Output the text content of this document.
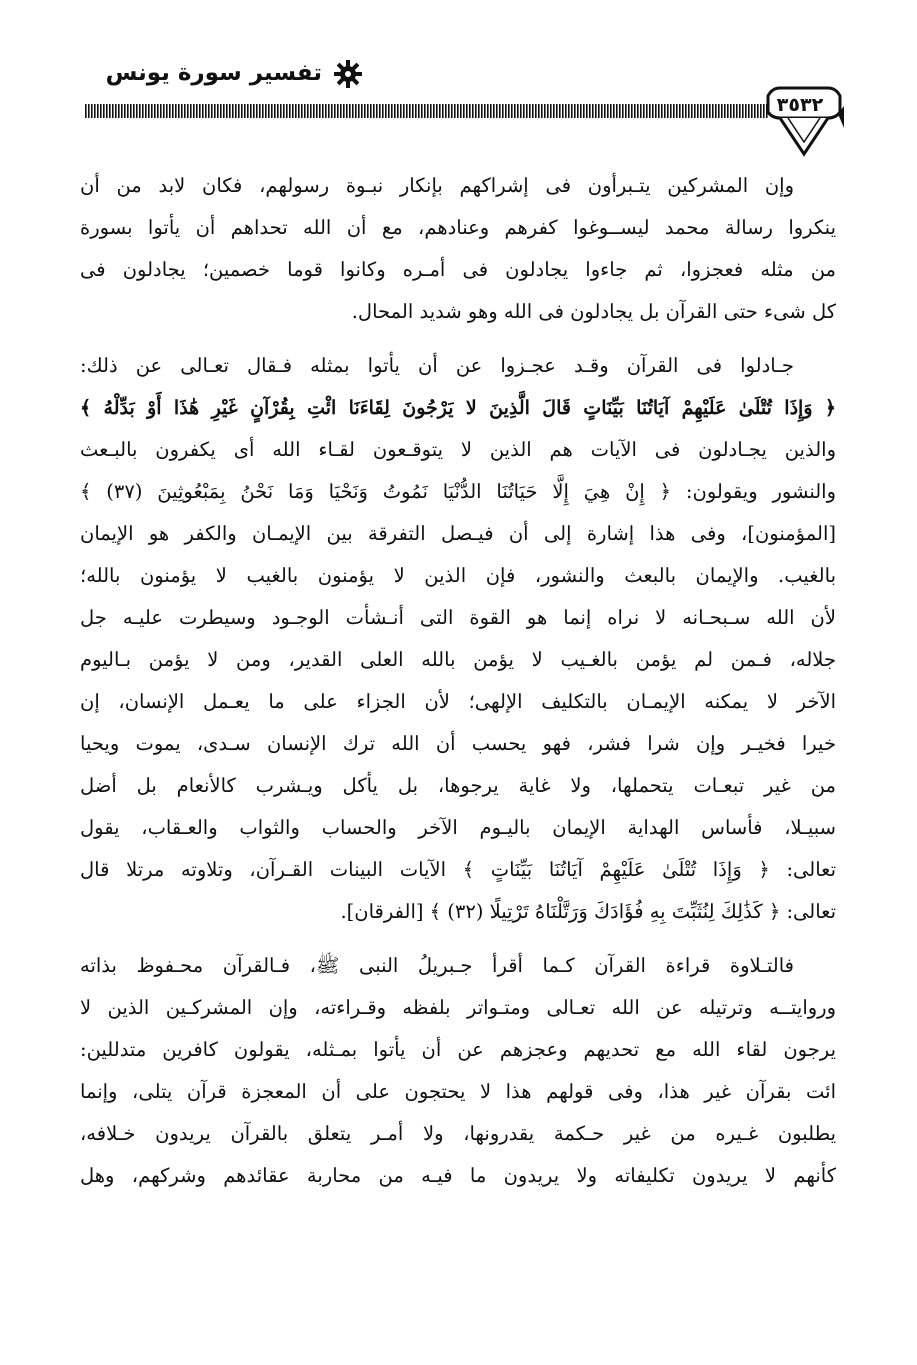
تفسير سورة يونس
٣٥٣٢
وإن المشركين يتـبرأون فى إشراكهم بإنكار نبـوة رسولهم، فكان لابد من أن
ينكروا رسالة محمد ليســوغوا كفرهم وعنادهم، مع أن الله تحداهم أن يأتوا بسورة
من مثله فعجزوا، ثم جاءوا يجادلون فى أمـره وكانوا قوما خصمين؛ يجادلون فى
كل شىء حتى القرآن بل يجادلون فى الله وهو شديد المحال.
جـادلوا فى القرآن وقـد عجـزوا عن أن يأتوا بمثله فـقال تعـالى عن ذلك:
﴿ وَإِذَا تُتْلَىٰ عَلَيْهِمْ آيَاتُنَا بَيِّنَاتٍ قَالَ الَّذِينَ لا يَرْجُونَ لِقَاءَنَا ائْتِ بِقُرْآنٍ غَيْرِ هَٰذَا أَوْ بَدِّلْهُ ﴾
والذين يجـادلون فى الآيات هم الذين لا يتوقـعون لقـاء الله أى يكفرون بالبـعث
والنشور ويقولون: ﴿ إِنْ هِيَ إِلَّا حَيَاتُنَا الدُّنْيَا نَمُوتُ وَنَحْيَا وَمَا نَحْنُ بِمَبْعُوثِينَ (٣٧) ﴾
[المؤمنون]، وفى هذا إشارة إلى أن فيـصل التفرقة بين الإيمـان والكفر هو الإيمان
بالغيب. والإيمان بالبعث والنشور، فإن الذين لا يؤمنون بالغيب لا يؤمنون بالله؛
لأن الله سـبحـانه لا نراه إنما هو القوة التى أنـشأت الوجـود وسيطرت عليـه جل
جلاله، فـمن لم يؤمن بالغـيب لا يؤمن بالله العلى القدير، ومن لا يؤمن بـاليوم
الآخر لا يمكنه الإيمـان بالتكليف الإلهى؛ لأن الجزاء على ما يعـمل الإنسان، إن
خيرا فخيـر وإن شرا فشر، فهو يحسب أن الله ترك الإنسان سـدى، يموت ويحيا
من غير تبعـات يتحملها، ولا غاية يرجوها، بل يأكل ويـشرب كالأنعام بل أضل
سبيـلا، فأساس الهداية الإيمان باليـوم الآخر والحساب والثواب والعـقاب، يقول
تعالى: ﴿ وَإِذَا تُتْلَىٰ عَلَيْهِمْ آيَاتُنَا بَيِّنَاتٍ ﴾ الآيات البينات القـرآن، وتلاوته مرتلا قال
تعالى: ﴿ كَذَٰلِكَ لِنُثَبِّتَ بِهِ فُؤَادَكَ وَرَتَّلْنَاهُ تَرْتِيلًا (٣٢) ﴾ [الفرقان].
فالتـلاوة قراءة القرآن كـما أقرأ جـبريلُ النبى ﷺ، فـالقرآن محـفوظ بذاته
وروايتــه وترتيله عن الله تعـالى ومتـواتر بلفظه وقـراءته، وإن المشركـين الذين لا
يرجون لقاء الله مع تحديهم وعجزهم عن أن يأتوا بمـثله، يقولون كافرين متدللين:
ائت بقرآن غير هذا، وفى قولهم هذا لا يحتجون على أن المعجزة قرآن يتلى، وإنما
يطلبون غـيره من غير حـكمة يقدرونها، ولا أمـر يتعلق بالقرآن يريدون خـلافه،
كأنهم لا يريدون تكليفاته ولا يريدون ما فيـه من محاربة عقائدهم وشركهم، وهل
